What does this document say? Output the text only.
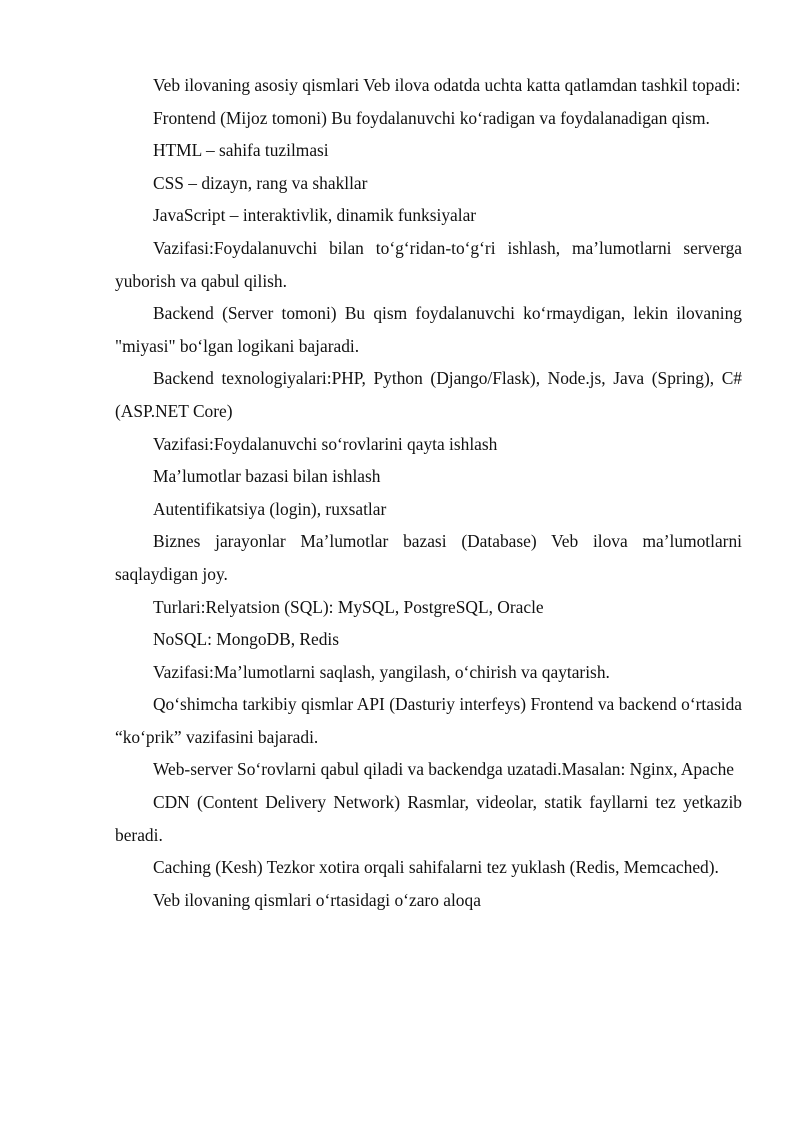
Veb ilovaning asosiy qismlari Veb ilova odatda uchta katta qatlamdan tashkil topadi:

Frontend (Mijoz tomoni) Bu foydalanuvchi ko‘radigan va foydalanadigan qism.

HTML – sahifa tuzilmasi

CSS – dizayn, rang va shakllar

JavaScript – interaktivlik, dinamik funksiyalar

Vazifasi:Foydalanuvchi bilan to‘g‘ridan-to‘g‘ri ishlash, ma’lumotlarni serverga yuborish va qabul qilish.

Backend (Server tomoni) Bu qism foydalanuvchi ko‘rmaydigan, lekin ilovaning "miyasi" bo‘lgan logikani bajaradi.

Backend texnologiyalari:PHP, Python (Django/Flask), Node.js, Java (Spring), C# (ASP.NET Core)

Vazifasi:Foydalanuvchi so‘rovlarini qayta ishlash

Ma’lumotlar bazasi bilan ishlash

Autentifikatsiya (login), ruxsatlar

Biznes jarayonlar Ma’lumotlar bazasi (Database) Veb ilova ma’lumotlarni saqlaydigan joy.

Turlari:Relyatsion (SQL): MySQL, PostgreSQL, Oracle

NoSQL: MongoDB, Redis

Vazifasi:Ma’lumotlarni saqlash, yangilash, o‘chirish va qaytarish.

Qo‘shimcha tarkibiy qismlar API (Dasturiy interfeys) Frontend va backend o‘rtasida “ko‘prik” vazifasini bajaradi.

Web-server So‘rovlarni qabul qiladi va backendga uzatadi.Masalan: Nginx, Apache

CDN (Content Delivery Network) Rasmlar, videolar, statik fayllarni tez yetkazib beradi.

Caching (Kesh) Tezkor xotira orqali sahifalarni tez yuklash (Redis, Memcached).

Veb ilovaning qismlari o‘rtasidagi o‘zaro aloqa
